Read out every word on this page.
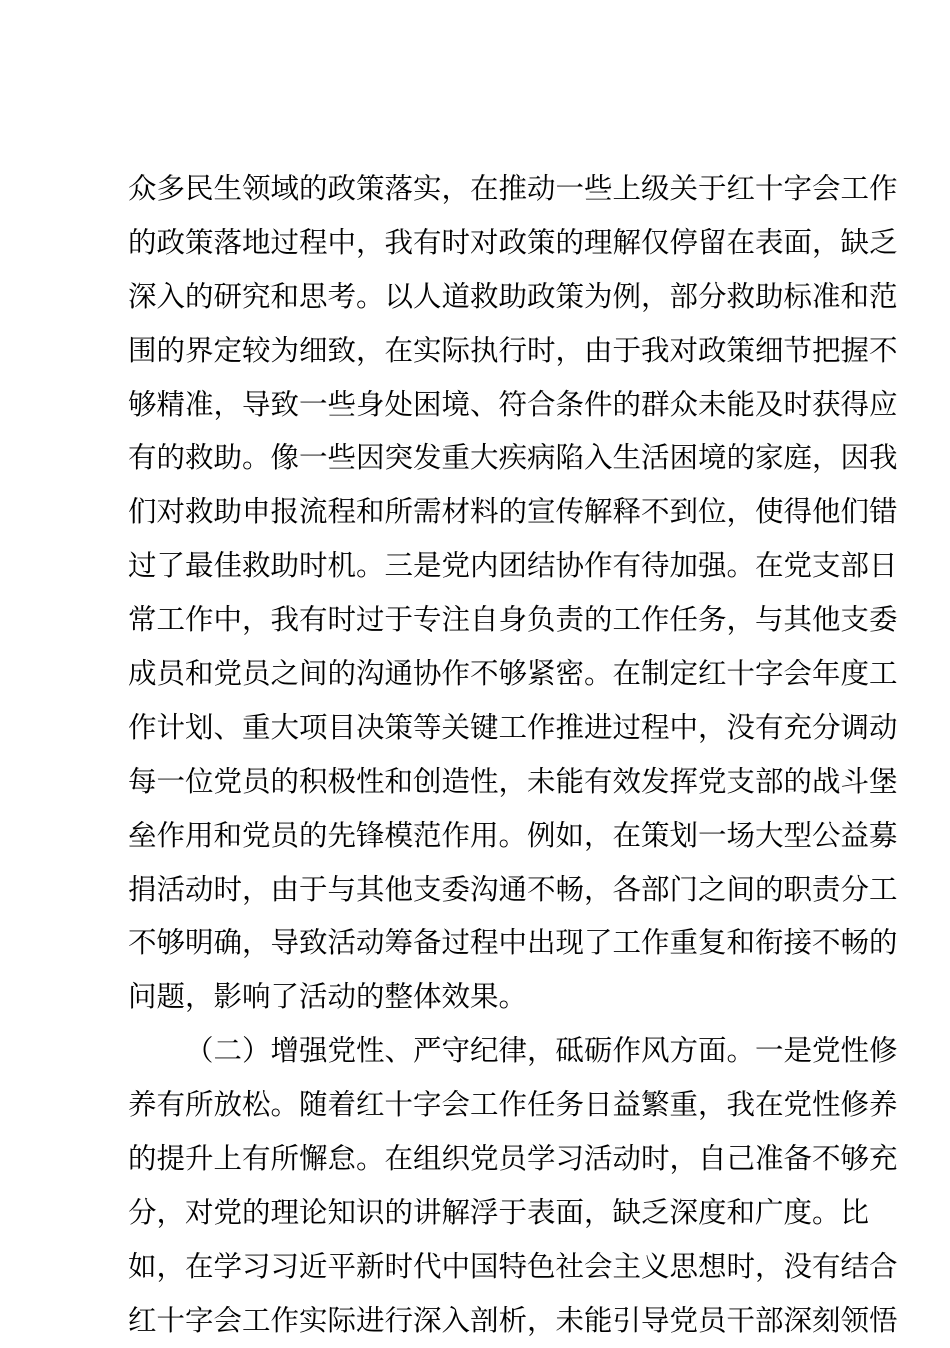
众多民生领域的政策落实，在推动一些上级关于红十字会工作
的政策落地过程中，我有时对政策的理解仅停留在表面，缺乏
深入的研究和思考。以人道救助政策为例，部分救助标准和范
围的界定较为细致，在实际执行时，由于我对政策细节把握不
够精准，导致一些身处困境、符合条件的群众未能及时获得应
有的救助。像一些因突发重大疾病陷入生活困境的家庭，因我
们对救助申报流程和所需材料的宣传解释不到位，使得他们错
过了最佳救助时机。三是党内团结协作有待加强。在党支部日
常工作中，我有时过于专注自身负责的工作任务，与其他支委
成员和党员之间的沟通协作不够紧密。在制定红十字会年度工
作计划、重大项目决策等关键工作推进过程中，没有充分调动
每一位党员的积极性和创造性，未能有效发挥党支部的战斗堡
垒作用和党员的先锋模范作用。例如，在策划一场大型公益募
捐活动时，由于与其他支委沟通不畅，各部门之间的职责分工
不够明确，导致活动筹备过程中出现了工作重复和衔接不畅的
问题，影响了活动的整体效果。
（二）增强党性、严守纪律，砥砺作风方面。一是党性修
养有所放松。随着红十字会工作任务日益繁重，我在党性修养
的提升上有所懈怠。在组织党员学习活动时，自己准备不够充
分，对党的理论知识的讲解浮于表面，缺乏深度和广度。比
如，在学习习近平新时代中国特色社会主义思想时，没有结合
红十字会工作实际进行深入剖析，未能引导党员干部深刻领悟
